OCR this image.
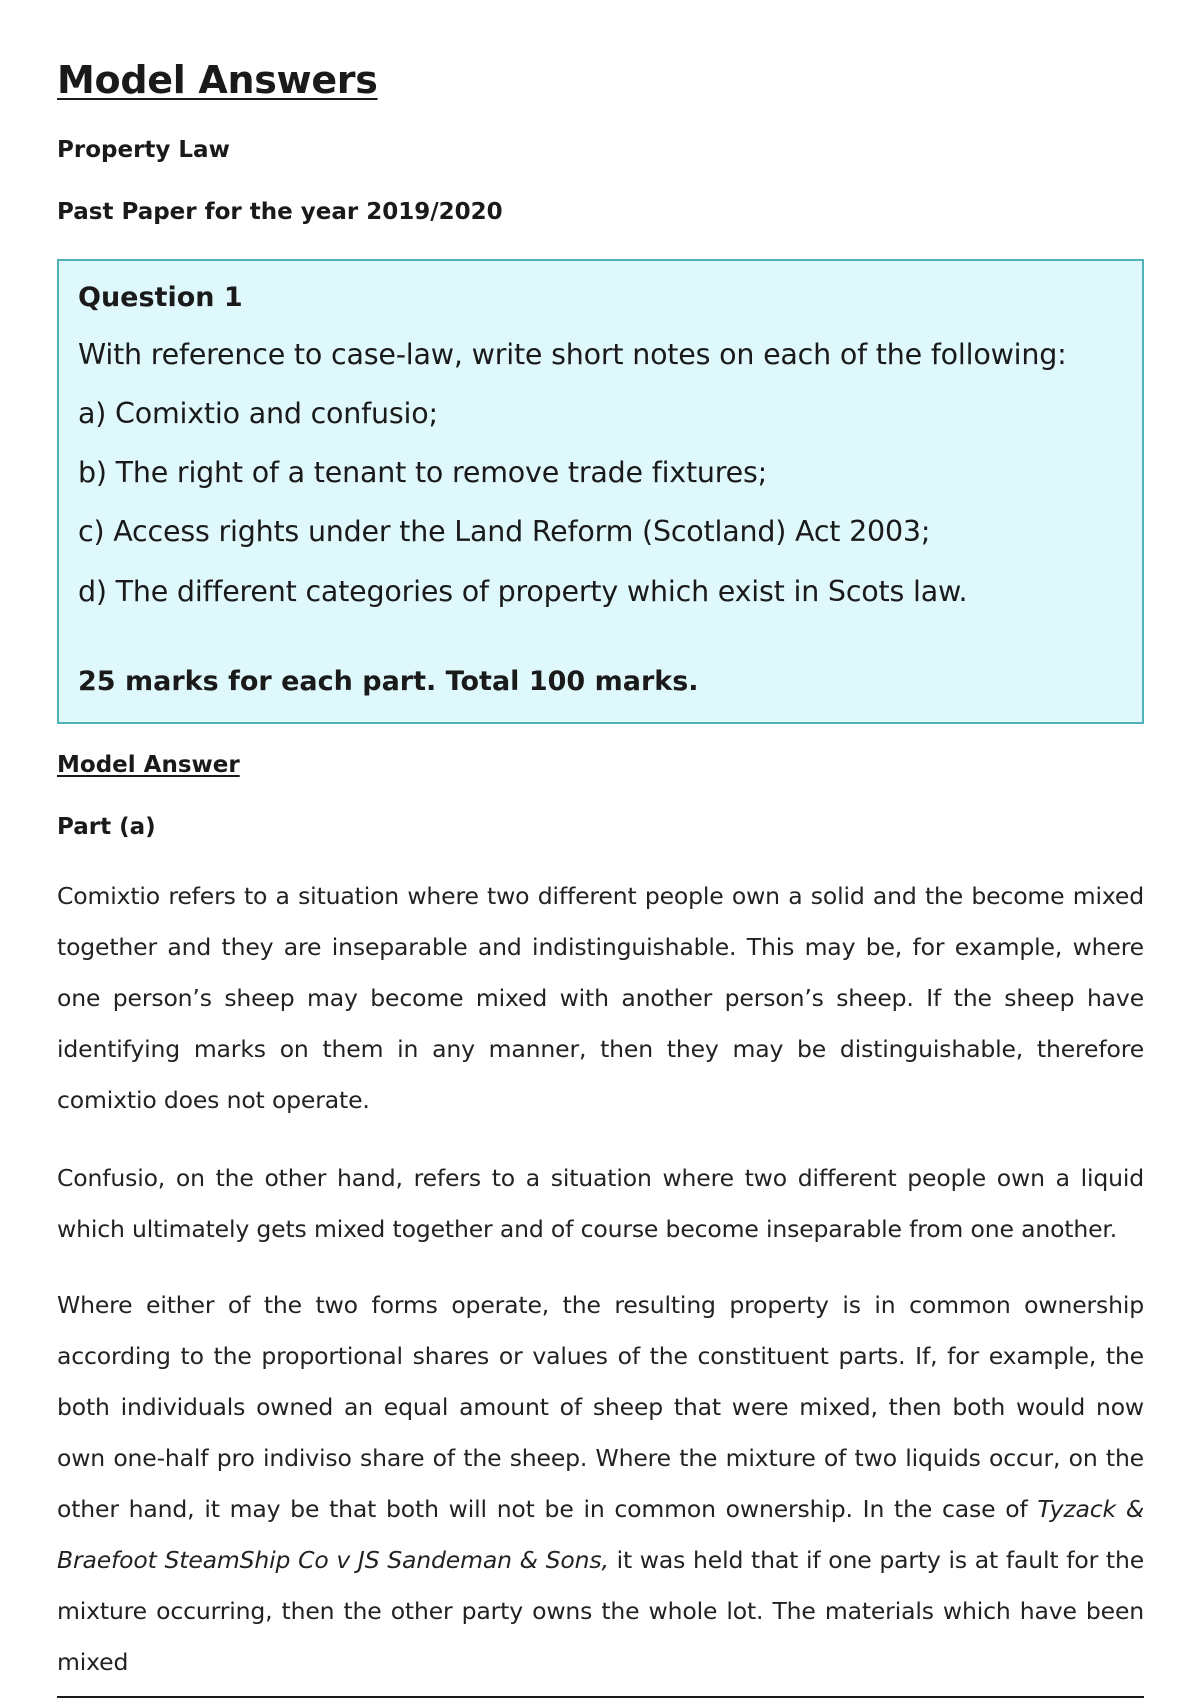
Model Answers

Property Law

Past Paper for the year 2019/2020

Question 1

With reference to case-law, write short notes on each of the following:

a) Comixtio and confusio;

b) The right of a tenant to remove trade fixtures;

c) Access rights under the Land Reform (Scotland) Act 2003;

d) The different categories of property which exist in Scots law.

25 marks for each part. Total 100 marks.

Model Answer

Part (a)

Comixtio refers to a situation where two different people own a solid and the become mixed together and they are inseparable and indistinguishable. This may be, for example, where one person’s sheep may become mixed with another person’s sheep. If the sheep have identifying marks on them in any manner, then they may be distinguishable, therefore comixtio does not operate.

Confusio, on the other hand, refers to a situation where two different people own a liquid which ultimately gets mixed together and of course become inseparable from one another.

Where either of the two forms operate, the resulting property is in common ownership according to the proportional shares or values of the constituent parts. If, for example, the both individuals owned an equal amount of sheep that were mixed, then both would now own one-half pro indiviso share of the sheep. Where the mixture of two liquids occur, on the other hand, it may be that both will not be in common ownership. In the case of Tyzack & Braefoot SteamShip Co v JS Sandeman & Sons, it was held that if one party is at fault for the mixture occurring, then the other party owns the whole lot. The materials which have been mixed
